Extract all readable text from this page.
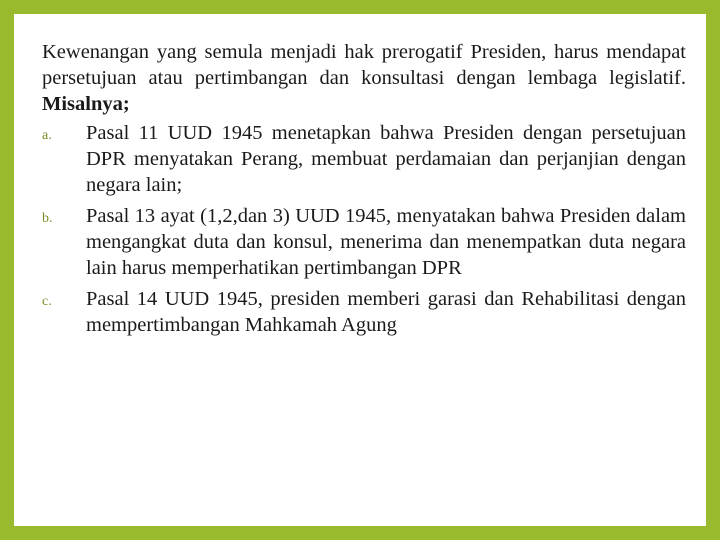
Kewenangan yang semula menjadi hak prerogatif Presiden, harus mendapat persetujuan atau pertimbangan dan konsultasi dengan lembaga legislatif. Misalnya;

a. Pasal 11 UUD 1945 menetapkan bahwa Presiden dengan persetujuan DPR menyatakan Perang, membuat perdamaian dan perjanjian dengan negara lain;
b. Pasal 13 ayat (1,2,dan 3) UUD 1945, menyatakan bahwa Presiden dalam mengangkat duta dan konsul, menerima dan menempatkan duta negara lain harus memperhatikan pertimbangan DPR
c. Pasal 14 UUD 1945, presiden memberi garasi dan Rehabilitasi dengan mempertimbangan Mahkamah Agung
